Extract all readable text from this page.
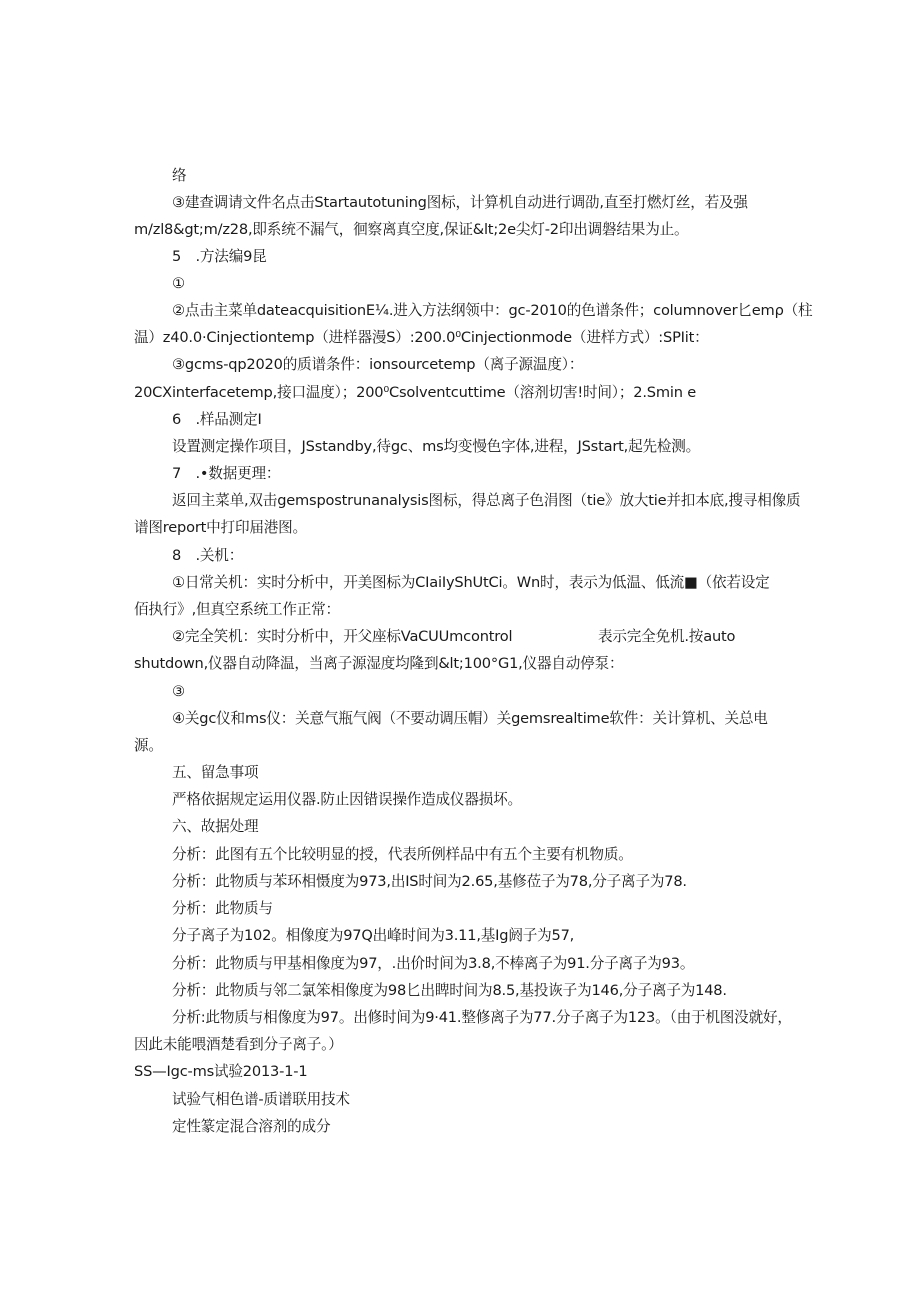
络
③建查调请文件名点击Startautotuning图标，计算机自动进行调劭,直至打燃灯丝，若及强
m/zl8&gt;m/z28,即系统不漏气，徊察离真空度,保证&lt;2e尖灯-2印出调磐结果为止。
5　.方法编9昆
①
②点击主菜单dateacquisitionE¼.进入方法纲领中：gc-2010的色谱条件；columnover匕emρ（柱
温）z40.0·Cinjectiontemp（进样器漫S）:200.0⁰Cinjectionmode（进样方式）:SPIit：
③gcms-qp2020的质谱条件：ionsourcetemp（离子源温度）：
20CXinterfacetemp,接口温度）；200⁰Csolventcuttime（溶剂切害!时间）；2.Smin e
6　.样品测定I
设置测定操作项目，JSstandby,待gc、ms均变慢色字体,进程，JSstart,起先检测。
7　.•数据更理：
返回主菜单,双击gemspostrunanalysis图标，得总离子色涓图（tie》放大tie并扣本底,搜寻相像质
谱图report中打印届港图。
8　.关机：
①日常关机：实时分析中，开美图标为CIaiIyShUtCi。Wn时，表示为低温、低流■（依若设定
佰执行》,但真空系统工作正常：
②完全笑机：实时分析中，开父座标VaCUUmcontrol	表示完全免机.按auto
shutdown,仪器自动降温，当离子源湿度均隆到&lt;100°G1,仪器自动停泵：
③
④关gc仪和ms仪：关意气瓶气阀（不要动调压帽）关gemsrealtime软件：关计算机、关总电
源。
五、留急事项
严格依据规定运用仪器.防止因错误操作造成仪器损坏。
六、故据处理
分析：此图有五个比较明显的授，代表所例样品中有五个主要有机物质。
分析：此物质与苯环相慑度为973,出IS时间为2.65,基修莅子为78,分子离子为78.
分析：此物质与
分子离子为102。相像度为97Q出峰时间为3.11,基Ig阏子为57,
分析：此物质与甲基相像度为97，.出价时间为3.8,不棒离子为91.分子离子为93。
分析：此物质与邻二氯笨相像度为98匕出睥时间为8.5,基投诙子为146,分子离子为148.
分析:此物质与相像度为97。出修时间为9·41.整修离子为77.分子离子为123。（由于机图没就好，
因此未能喂酒楚看到分子离子。）
SS—Igc-ms试验2013-1-1
试验气相色谱-质谱联用技术
定性篆定混合溶剂的成分
